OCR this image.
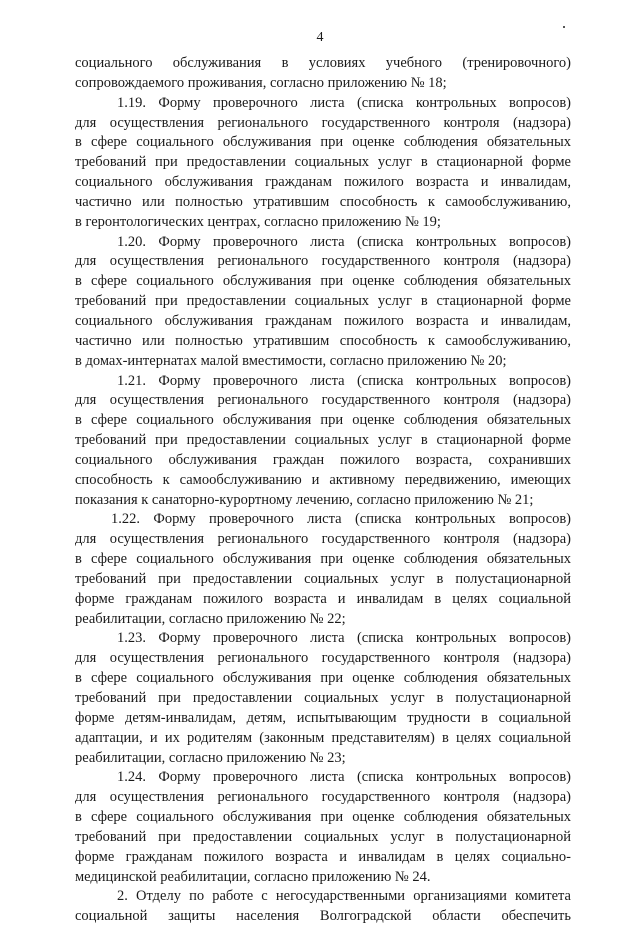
4
социального обслуживания в условиях учебного (тренировочного)
сопровождаемого проживания, согласно приложению № 18;
1.19. Форму проверочного листа (списка контрольных вопросов)
для осуществления регионального государственного контроля (надзора)
в сфере социального обслуживания при оценке соблюдения обязательных
требований при предоставлении социальных услуг в стационарной форме
социального обслуживания гражданам пожилого возраста и инвалидам,
частично или полностью утратившим способность к самообслуживанию,
в геронтологических центрах, согласно приложению № 19;
1.20. Форму проверочного листа (списка контрольных вопросов)
для осуществления регионального государственного контроля (надзора)
в сфере социального обслуживания при оценке соблюдения обязательных
требований при предоставлении социальных услуг в стационарной форме
социального обслуживания гражданам пожилого возраста и инвалидам,
частично или полностью утратившим способность к самообслуживанию,
в домах-интернатах малой вместимости, согласно приложению № 20;
1.21. Форму проверочного листа (списка контрольных вопросов)
для осуществления регионального государственного контроля (надзора)
в сфере социального обслуживания при оценке соблюдения обязательных
требований при предоставлении социальных услуг в стационарной форме
социального обслуживания граждан пожилого возраста, сохранивших
способность к самообслуживанию и активному передвижению, имеющих
показания к санаторно-курортному лечению, согласно приложению № 21;
1.22. Форму проверочного листа (списка контрольных вопросов)
для осуществления регионального государственного контроля (надзора)
в сфере социального обслуживания при оценке соблюдения обязательных
требований при предоставлении социальных услуг в полустационарной
форме гражданам пожилого возраста и инвалидам в целях социальной
реабилитации, согласно приложению № 22;
1.23. Форму проверочного листа (списка контрольных вопросов)
для осуществления регионального государственного контроля (надзора)
в сфере социального обслуживания при оценке соблюдения обязательных
требований при предоставлении социальных услуг в полустационарной
форме детям-инвалидам, детям, испытывающим трудности в социальной
адаптации, и их родителям (законным представителям) в целях социальной
реабилитации, согласно приложению № 23;
1.24. Форму проверочного листа (списка контрольных вопросов)
для осуществления регионального государственного контроля (надзора)
в сфере социального обслуживания при оценке соблюдения обязательных
требований при предоставлении социальных услуг в полустационарной
форме гражданам пожилого возраста и инвалидам в целях социально-
медицинской реабилитации, согласно приложению № 24.
2. Отделу по работе с негосударственными организациями комитета
социальной защиты населения Волгоградской области обеспечить
